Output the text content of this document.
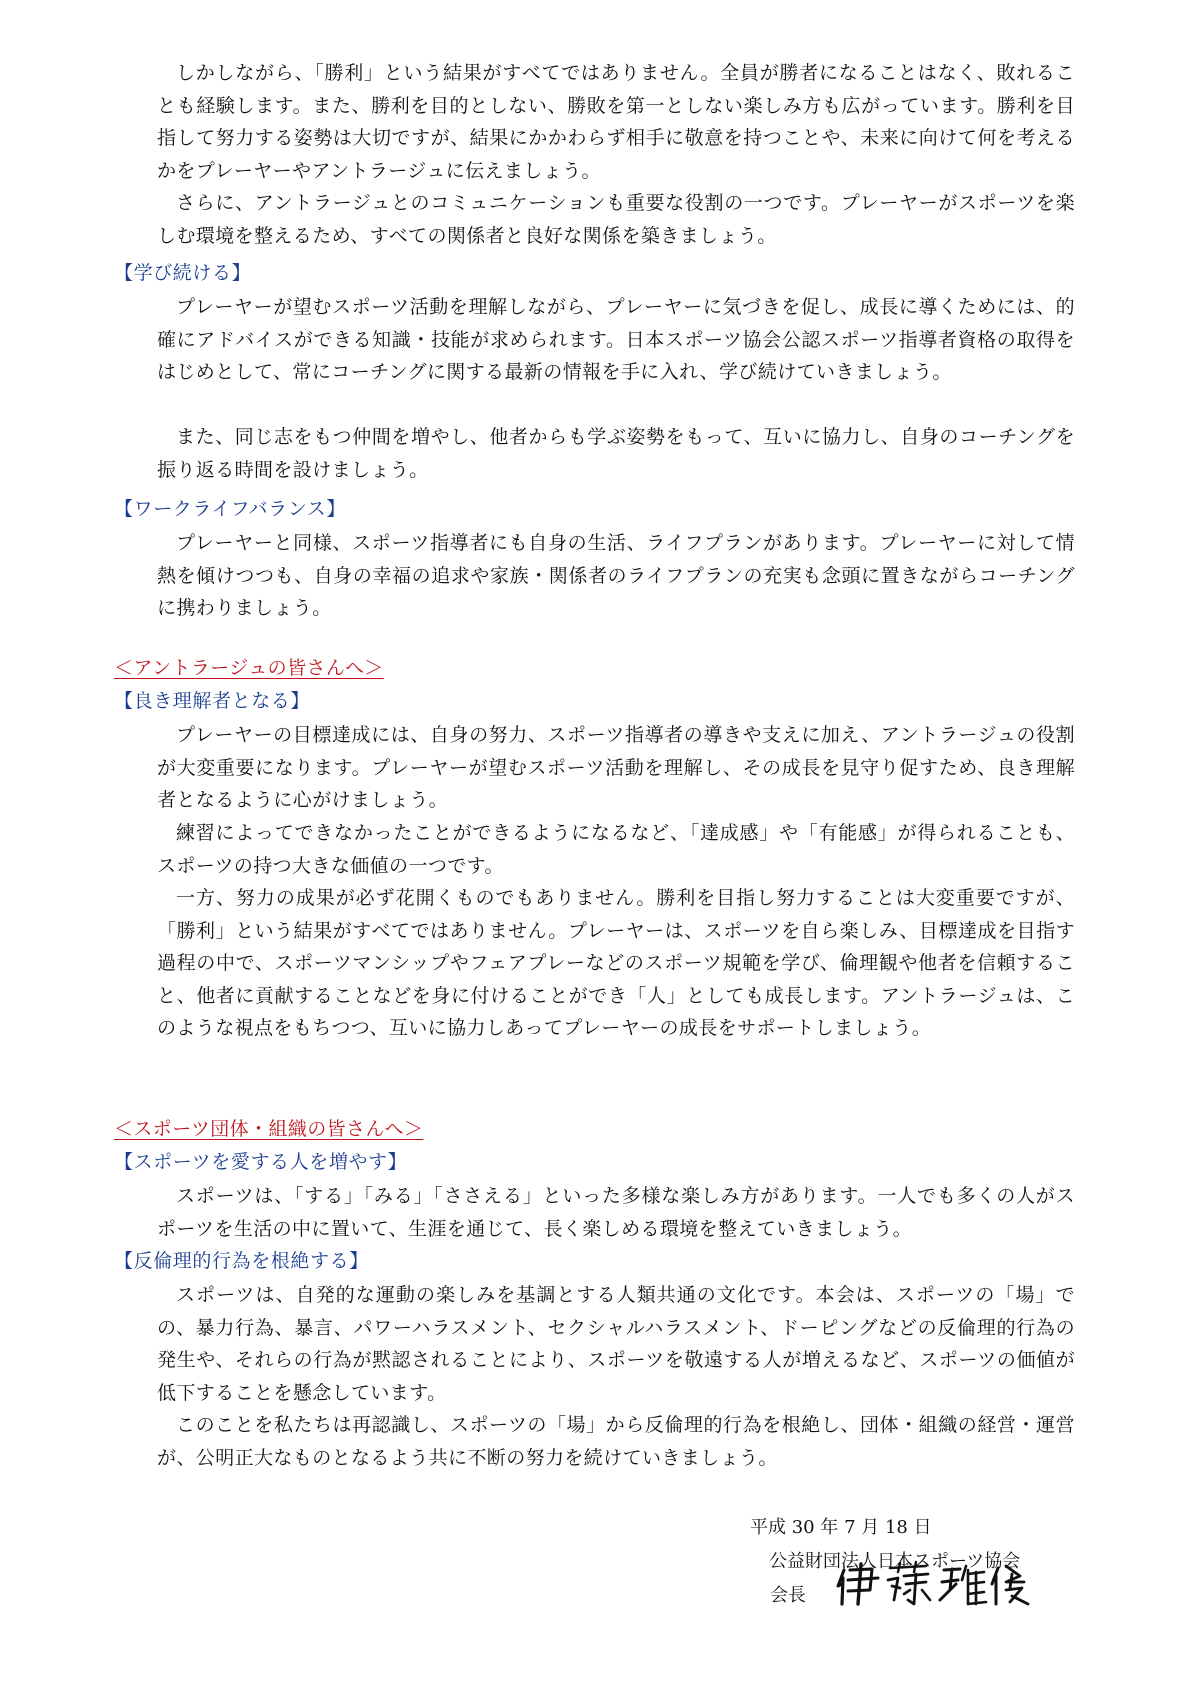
しかしながら、「勝利」という結果がすべてではありません。全員が勝者になることはなく、敗れることも経験します。また、勝利を目的としない、勝敗を第一としない楽しみ方も広がっています。勝利を目指して努力する姿勢は大切ですが、結果にかかわらず相手に敬意を持つことや、未来に向けて何を考えるかをプレーヤーやアントラージュに伝えましょう。

さらに、アントラージュとのコミュニケーションも重要な役割の一つです。プレーヤーがスポーツを楽しむ環境を整えるため、すべての関係者と良好な関係を築きましょう。

【学び続ける】

プレーヤーが望むスポーツ活動を理解しながら、プレーヤーに気づきを促し、成長に導くためには、的確にアドバイスができる知識・技能が求められます。日本スポーツ協会公認スポーツ指導者資格の取得をはじめとして、常にコーチングに関する最新の情報を手に入れ、学び続けていきましょう。

また、同じ志をもつ仲間を増やし、他者からも学ぶ姿勢をもって、互いに協力し、自身のコーチングを振り返る時間を設けましょう。

【ワークライフバランス】

プレーヤーと同様、スポーツ指導者にも自身の生活、ライフプランがあります。プレーヤーに対して情熱を傾けつつも、自身の幸福の追求や家族・関係者のライフプランの充実も念頭に置きながらコーチングに携わりましょう。

＜アントラージュの皆さんへ＞

【良き理解者となる】

プレーヤーの目標達成には、自身の努力、スポーツ指導者の導きや支えに加え、アントラージュの役割が大変重要になります。プレーヤーが望むスポーツ活動を理解し、その成長を見守り促すため、良き理解者となるように心がけましょう。

練習によってできなかったことができるようになるなど、「達成感」や「有能感」が得られることも、スポーツの持つ大きな価値の一つです。

一方、努力の成果が必ず花開くものでもありません。勝利を目指し努力することは大変重要ですが、「勝利」という結果がすべてではありません。プレーヤーは、スポーツを自ら楽しみ、目標達成を目指す過程の中で、スポーツマンシップやフェアプレーなどのスポーツ規範を学び、倫理観や他者を信頼すること、他者に貢献することなどを身に付けることができ「人」としても成長します。アントラージュは、このような視点をもちつつ、互いに協力しあってプレーヤーの成長をサポートしましょう。

＜スポーツ団体・組織の皆さんへ＞

【スポーツを愛する人を増やす】

スポーツは、「する」「みる」「ささえる」といった多様な楽しみ方があります。一人でも多くの人がスポーツを生活の中に置いて、生涯を通じて、長く楽しめる環境を整えていきましょう。

【反倫理的行為を根絶する】

スポーツは、自発的な運動の楽しみを基調とする人類共通の文化です。本会は、スポーツの「場」での、暴力行為、暴言、パワーハラスメント、セクシャルハラスメント、ドーピングなどの反倫理的行為の発生や、それらの行為が黙認されることにより、スポーツを敬遠する人が増えるなど、スポーツの価値が低下することを懸念しています。

このことを私たちは再認識し、スポーツの「場」から反倫理的行為を根絶し、団体・組織の経営・運営が、公明正大なものとなるよう共に不断の努力を続けていきましょう。

平成 30 年 7 月 18 日

公益財団法人日本スポーツ協会

会長
